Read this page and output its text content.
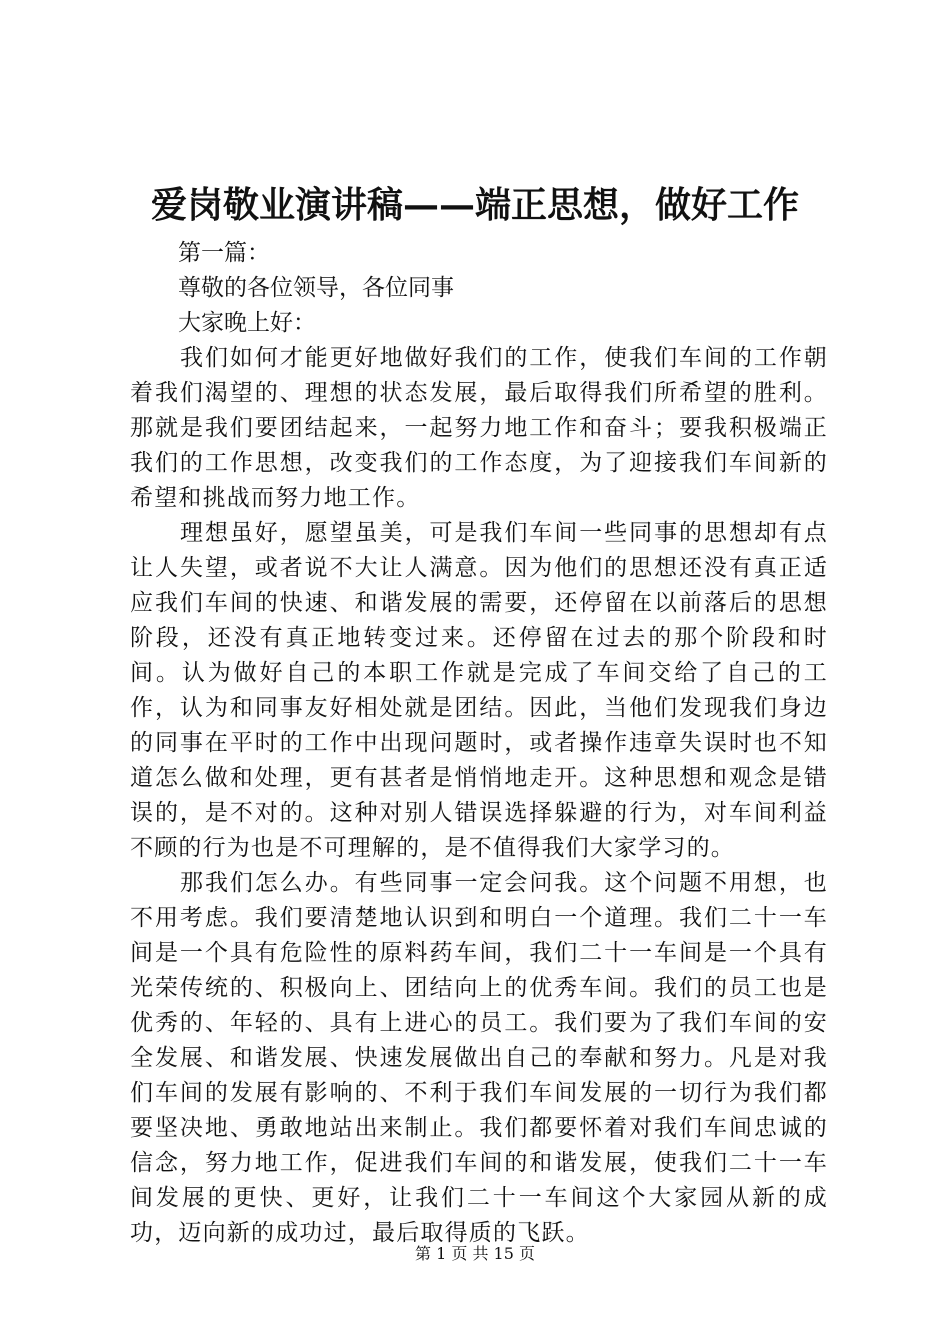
爱岗敬业演讲稿——端正思想，做好工作

第一篇：

尊敬的各位领导，各位同事

大家晚上好：

我们如何才能更好地做好我们的工作，使我们车间的工作朝着我们渴望的、理想的状态发展，最后取得我们所希望的胜利。那就是我们要团结起来，一起努力地工作和奋斗；要我积极端正我们的工作思想，改变我们的工作态度，为了迎接我们车间新的希望和挑战而努力地工作。

理想虽好，愿望虽美，可是我们车间一些同事的思想却有点让人失望，或者说不大让人满意。因为他们的思想还没有真正适应我们车间的快速、和谐发展的需要，还停留在以前落后的思想阶段，还没有真正地转变过来。还停留在过去的那个阶段和时间。认为做好自己的本职工作就是完成了车间交给了自己的工作，认为和同事友好相处就是团结。因此，当他们发现我们身边的同事在平时的工作中出现问题时，或者操作违章失误时也不知道怎么做和处理，更有甚者是悄悄地走开。这种思想和观念是错误的，是不对的。这种对别人错误选择躲避的行为，对车间利益不顾的行为也是不可理解的，是不值得我们大家学习的。

那我们怎么办。有些同事一定会问我。这个问题不用想，也不用考虑。我们要清楚地认识到和明白一个道理。我们二十一车间是一个具有危险性的原料药车间，我们二十一车间是一个具有光荣传统的、积极向上、团结向上的优秀车间。我们的员工也是优秀的、年轻的、具有上进心的员工。我们要为了我们车间的安全发展、和谐发展、快速发展做出自己的奉献和努力。凡是对我们车间的发展有影响的、不利于我们车间发展的一切行为我们都要坚决地、勇敢地站出来制止。我们都要怀着对我们车间忠诚的信念，努力地工作，促进我们车间的和谐发展，使我们二十一车间发展的更快、更好，让我们二十一车间这个大家园从新的成功，迈向新的成功过，最后取得质的飞跃。

第 1 页 共 15 页
